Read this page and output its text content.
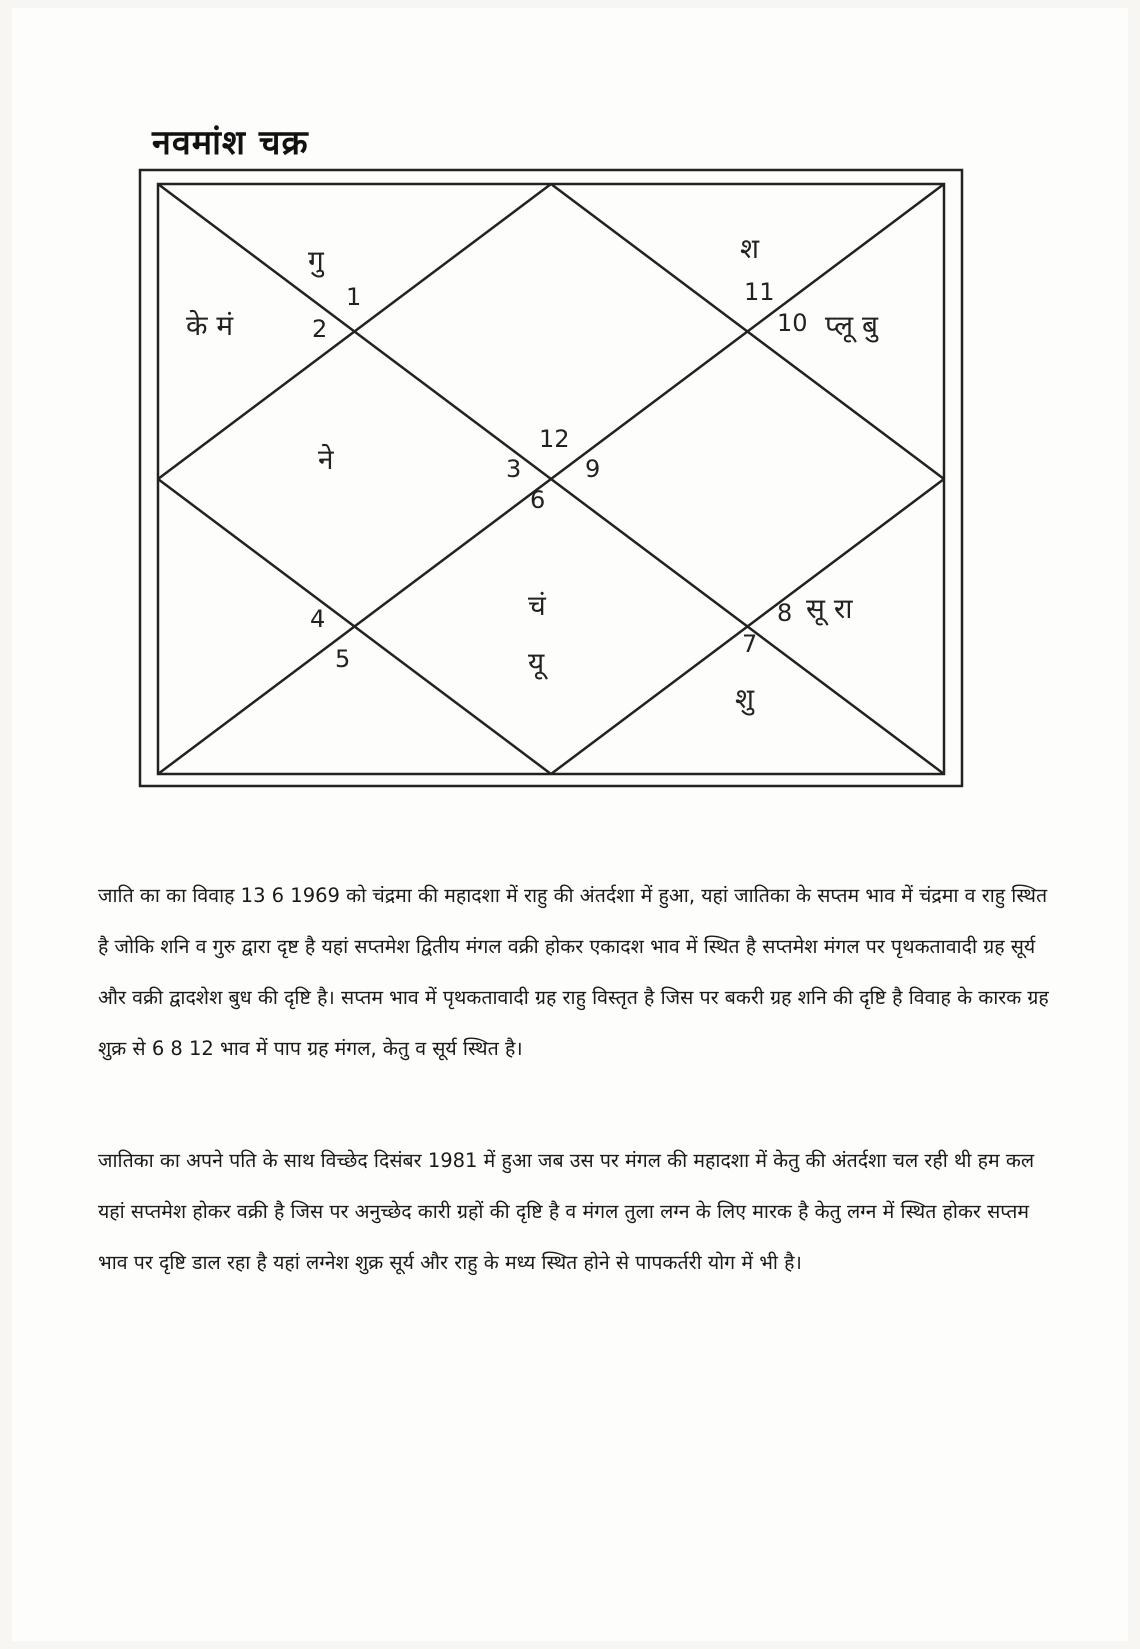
नवमांश चक्र
1
2
3
4
5
6
7
8
9
10
11
12
गु
के मं
ने
श
प्लू बु
चं
यू
सू रा
शु

जाति का का विवाह 13 6 1969 को चंद्रमा की महादशा में राहु की अंतर्दशा में हुआ, यहां जातिका के सप्तम भाव में चंद्रमा व राहु स्थित है जोकि शनि व गुरु द्वारा दृष्ट है यहां सप्तमेश द्वितीय मंगल वक्री होकर एकादश भाव में स्थित है सप्तमेश मंगल पर पृथकतावादी ग्रह सूर्य और वक्री द्वादशेश बुध की दृष्टि है। सप्तम भाव में पृथकतावादी ग्रह राहु विस्तृत है जिस पर बकरी ग्रह शनि की दृष्टि है विवाह के कारक ग्रह शुक्र से 6 8 12 भाव में पाप ग्रह मंगल, केतु व सूर्य स्थित है।

जातिका का अपने पति के साथ विच्छेद दिसंबर 1981 में हुआ जब उस पर मंगल की महादशा में केतु की अंतर्दशा चल रही थी हम कल यहां सप्तमेश होकर वक्री है जिस पर अनुच्छेद कारी ग्रहों की दृष्टि है व मंगल तुला लग्न के लिए मारक है केतु लग्न में स्थित होकर सप्तम भाव पर दृष्टि डाल रहा है यहां लग्नेश शुक्र सूर्य और राहु के मध्य स्थित होने से पापकर्तरी योग में भी है।
